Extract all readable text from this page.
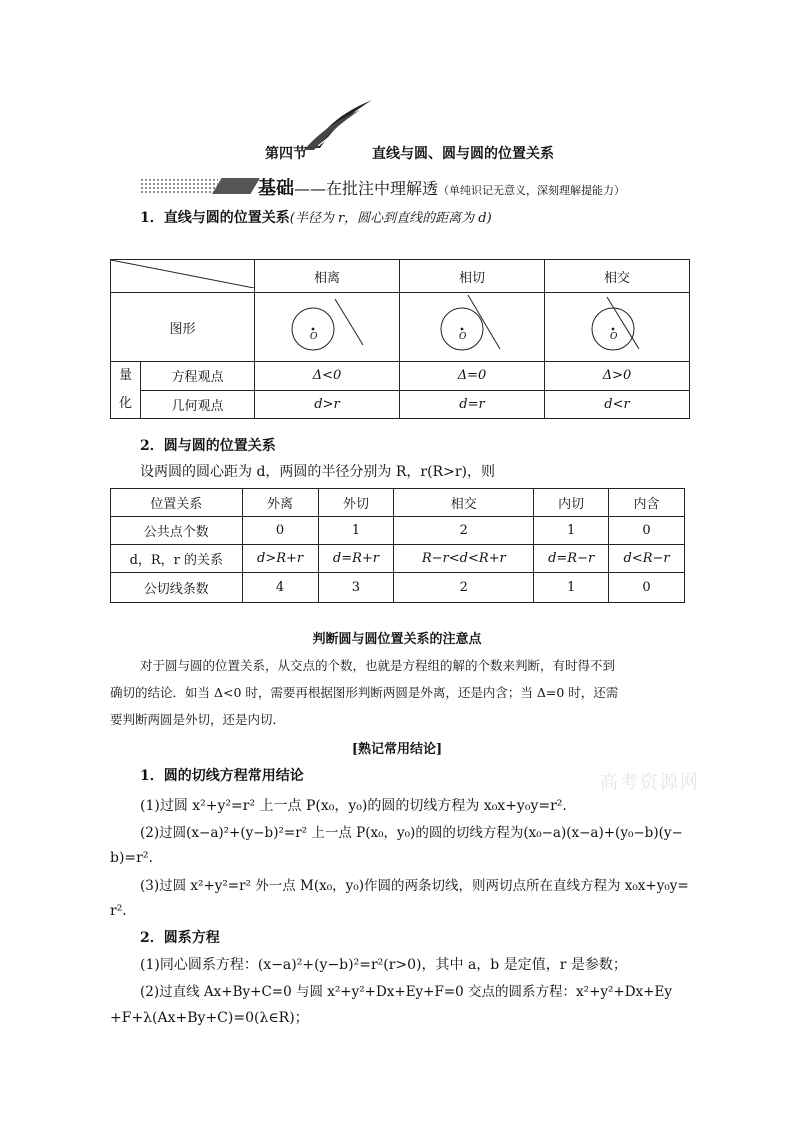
第四节	直线与圆、圆与圆的位置关系
基础——在批注中理解透（单纯识记无意义，深刻理解提能力）
1．直线与圆的位置关系(半径为 r，圆心到直线的距离为 d)
	相离	相切	相交
图形		O	O	O

量
化	方程观点	Δ<0	Δ=0	Δ>0
	几何观点	d>r	d=r	d<r
2．圆与圆的位置关系
设两圆的圆心距为 d，两圆的半径分别为 R，r(R>r)，则
位置关系	外离	外切	相交	内切	内含
公共点个数	0	1	2	1	0
d，R，r 的关系	d>R+r	d=R+r	R−r<d<R+r	d=R−r	d<R−r
公切线条数	4	3	2	1	0
判断圆与圆位置关系的注意点
对于圆与圆的位置关系，从交点的个数，也就是方程组的解的个数来判断，有时得不到
确切的结论．如当 Δ<0 时，需要再根据图形判断两圆是外离，还是内含；当 Δ=0 时，还需
要判断两圆是外切，还是内切．
[熟记常用结论]
高考资源网
1．圆的切线方程常用结论
(1)过圆 x²+y²=r² 上一点 P(x₀，y₀)的圆的切线方程为 x₀x+y₀y=r².
(2)过圆(x−a)²+(y−b)²=r² 上一点 P(x₀，y₀)的圆的切线方程为(x₀−a)(x−a)+(y₀−b)(y−
b)=r².
(3)过圆 x²+y²=r² 外一点 M(x₀，y₀)作圆的两条切线，则两切点所在直线方程为 x₀x+y₀y=
r².
2．圆系方程
(1)同心圆系方程：(x−a)²+(y−b)²=r²(r>0)，其中 a，b 是定值，r 是参数；
(2)过直线 Ax+By+C=0 与圆 x²+y²+Dx+Ey+F=0 交点的圆系方程：x²+y²+Dx+Ey
+F+λ(Ax+By+C)=0(λ∈R)；
